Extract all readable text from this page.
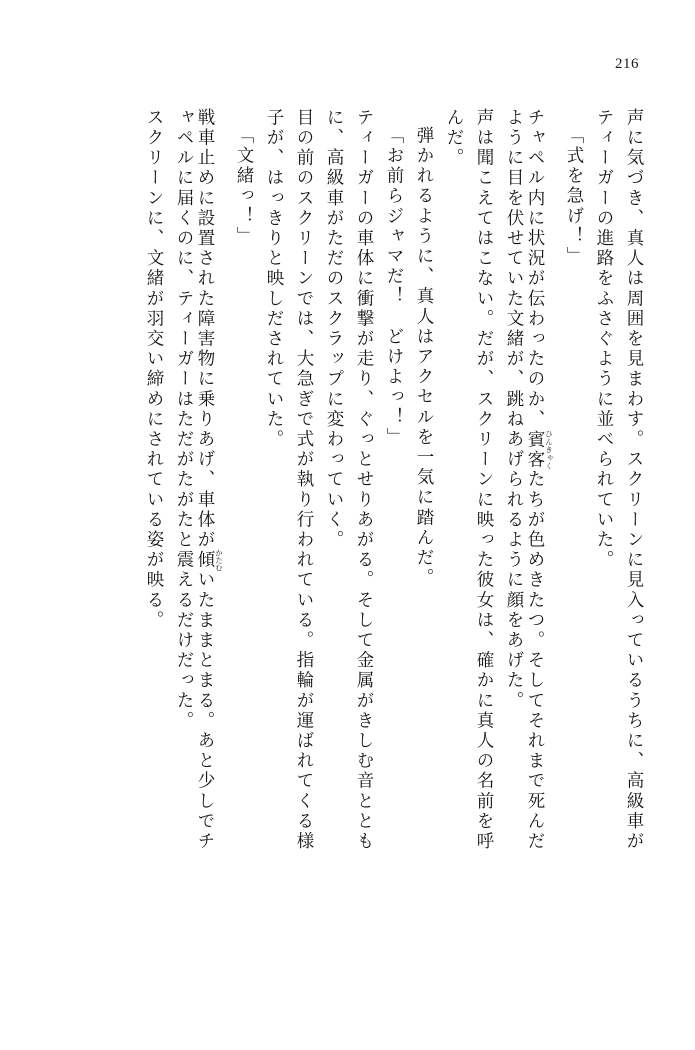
216
声に気づき、真人は周囲を見まわす。スクリーンに見入っているうちに、高級車が
ティーガーの進路をふさぐように並べられていた。
「式を急げ！」
チャペル内に状況が伝わったのか、賓客ひんきゃくたちが色めきたつ。そしてそれまで死んだ
ように目を伏せていた文緒が、跳ねあげられるように顔をあげた。
声は聞こえてはこない。だが、スクリーンに映った彼女は、確かに真人の名前を呼
んだ。
弾かれるように、真人はアクセルを一気に踏んだ。
「お前らジャマだ！　どけよっ！」
ティーガーの車体に衝撃が走り、ぐっとせりあがる。そして金属がきしむ音ととも
に、高級車がただのスクラップに変わっていく。
目の前のスクリーンでは、大急ぎで式が執り行われている。指輪が運ばれてくる様
子が、はっきりと映しだされていた。
「文緒っ！」
戦車止めに設置された障害物に乗りあげ、車体が傾かたむいたままとまる。あと少しでチ
ャペルに届くのに、ティーガーはただがたがたと震えるだけだった。
スクリーンに、文緒が羽交い締めにされている姿が映る。
